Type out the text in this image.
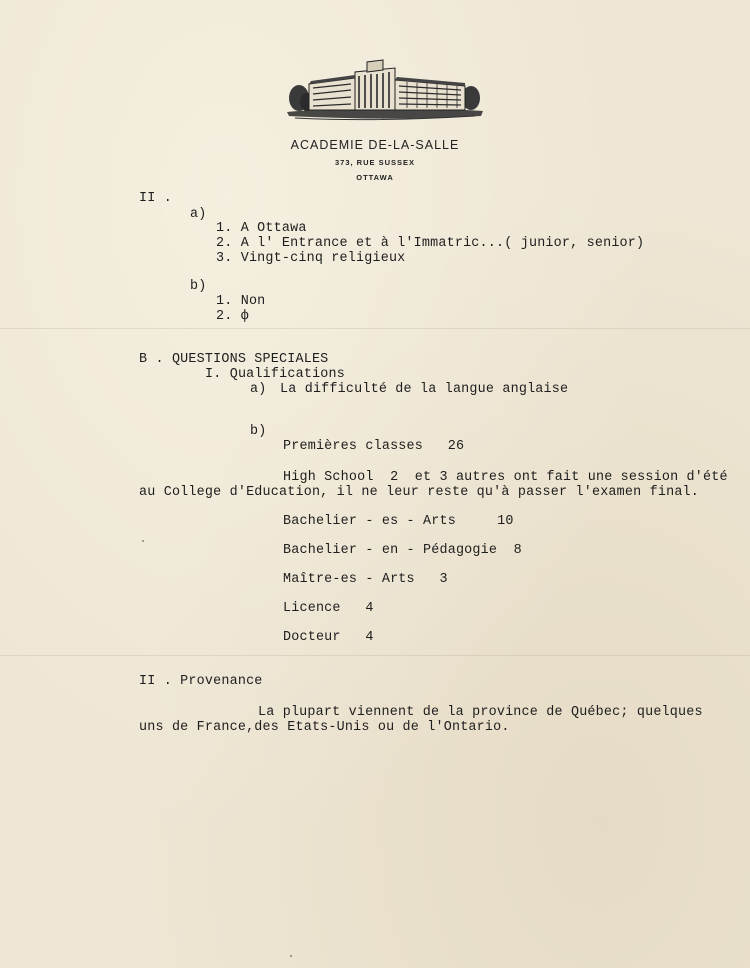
ACADEMIE DE-LA-SALLE
373, RUE SUSSEX
OTTAWA
II .
a)
1. A Ottawa
2. A l' Entrance et à l'Immatric...( junior, senior)
3. Vingt-cinq religieux
b)
1. Non
2. ф
B . QUESTIONS SPECIALES
I. Qualifications
a) La difficulté de la langue anglaise
b)
Premières classes   26
High School  2  et 3 autres ont fait une session d'été
au College d'Education, il ne leur reste qu'à passer l'examen final.
Bachelier - es - Arts     10
Bachelier - en - Pédagogie  8
Maître-es - Arts   3
Licence   4
Docteur   4
II . Provenance
La plupart viennent de la province de Québec; quelques
uns de France,des Etats-Unis ou de l'Ontario.
